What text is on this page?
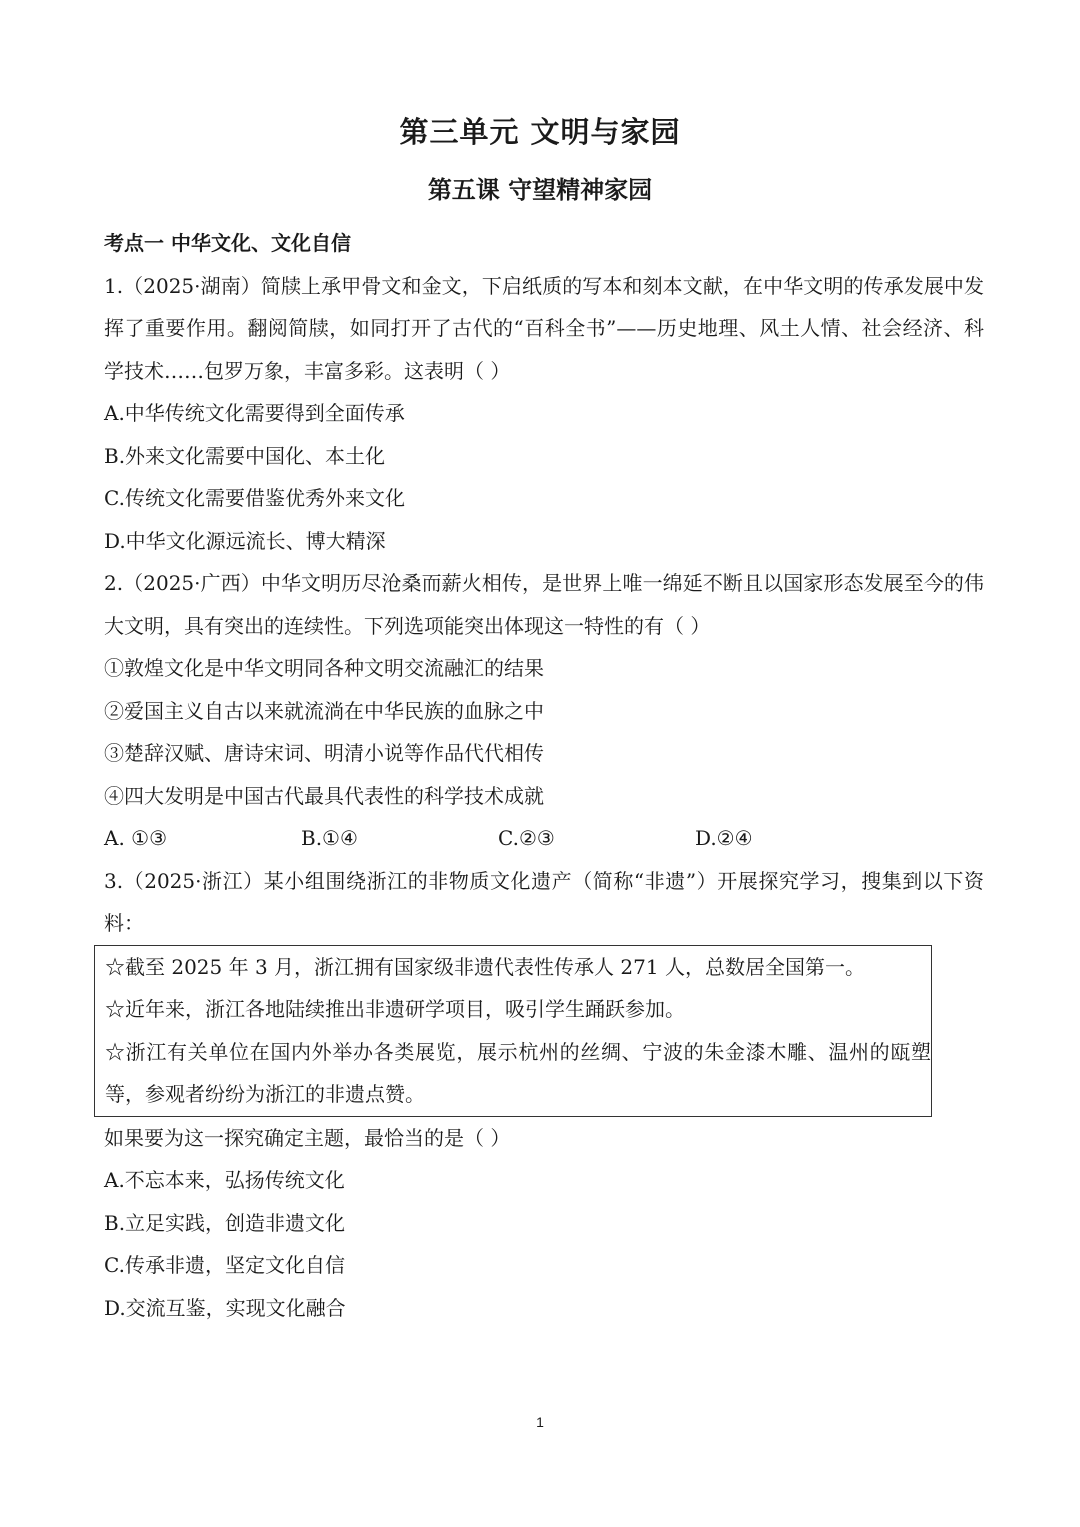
第三单元 文明与家园
第五课 守望精神家园
考点一 中华文化、文化自信

1.（2025·湖南）简牍上承甲骨文和金文，下启纸质的写本和刻本文献，在中华文明的传承发展中发挥了重要作用。翻阅简牍，如同打开了古代的“百科全书”——历史地理、风土人情、社会经济、科学技术……包罗万象，丰富多彩。这表明（ ）

A.中华传统文化需要得到全面传承
B.外来文化需要中国化、本土化
C.传统文化需要借鉴优秀外来文化
D.中华文化源远流长、博大精深

2.（2025·广西）中华文明历尽沧桑而薪火相传，是世界上唯一绵延不断且以国家形态发展至今的伟大文明，具有突出的连续性。下列选项能突出体现这一特性的有（ ）

①敦煌文化是中华文明同各种文明交流融汇的结果
②爱国主义自古以来就流淌在中华民族的血脉之中
③楚辞汉赋、唐诗宋词、明清小说等作品代代相传
④四大发明是中国古代最具代表性的科学技术成就
A. ①③	B.①④	C.②③	D.②④

3.（2025·浙江）某小组围绕浙江的非物质文化遗产（简称“非遗”）开展探究学习，搜集到以下资料：

☆截至 2025 年 3 月，浙江拥有国家级非遗代表性传承人 271 人，总数居全国第一。
☆近年来，浙江各地陆续推出非遗研学项目，吸引学生踊跃参加。

☆浙江有关单位在国内外举办各类展览，展示杭州的丝绸、宁波的朱金漆木雕、温州的瓯塑等，参观者纷纷为浙江的非遗点赞。

如果要为这一探究确定主题，最恰当的是（ ）
A.不忘本来，弘扬传统文化
B.立足实践，创造非遗文化
C.传承非遗，坚定文化自信
D.交流互鉴，实现文化融合
1
